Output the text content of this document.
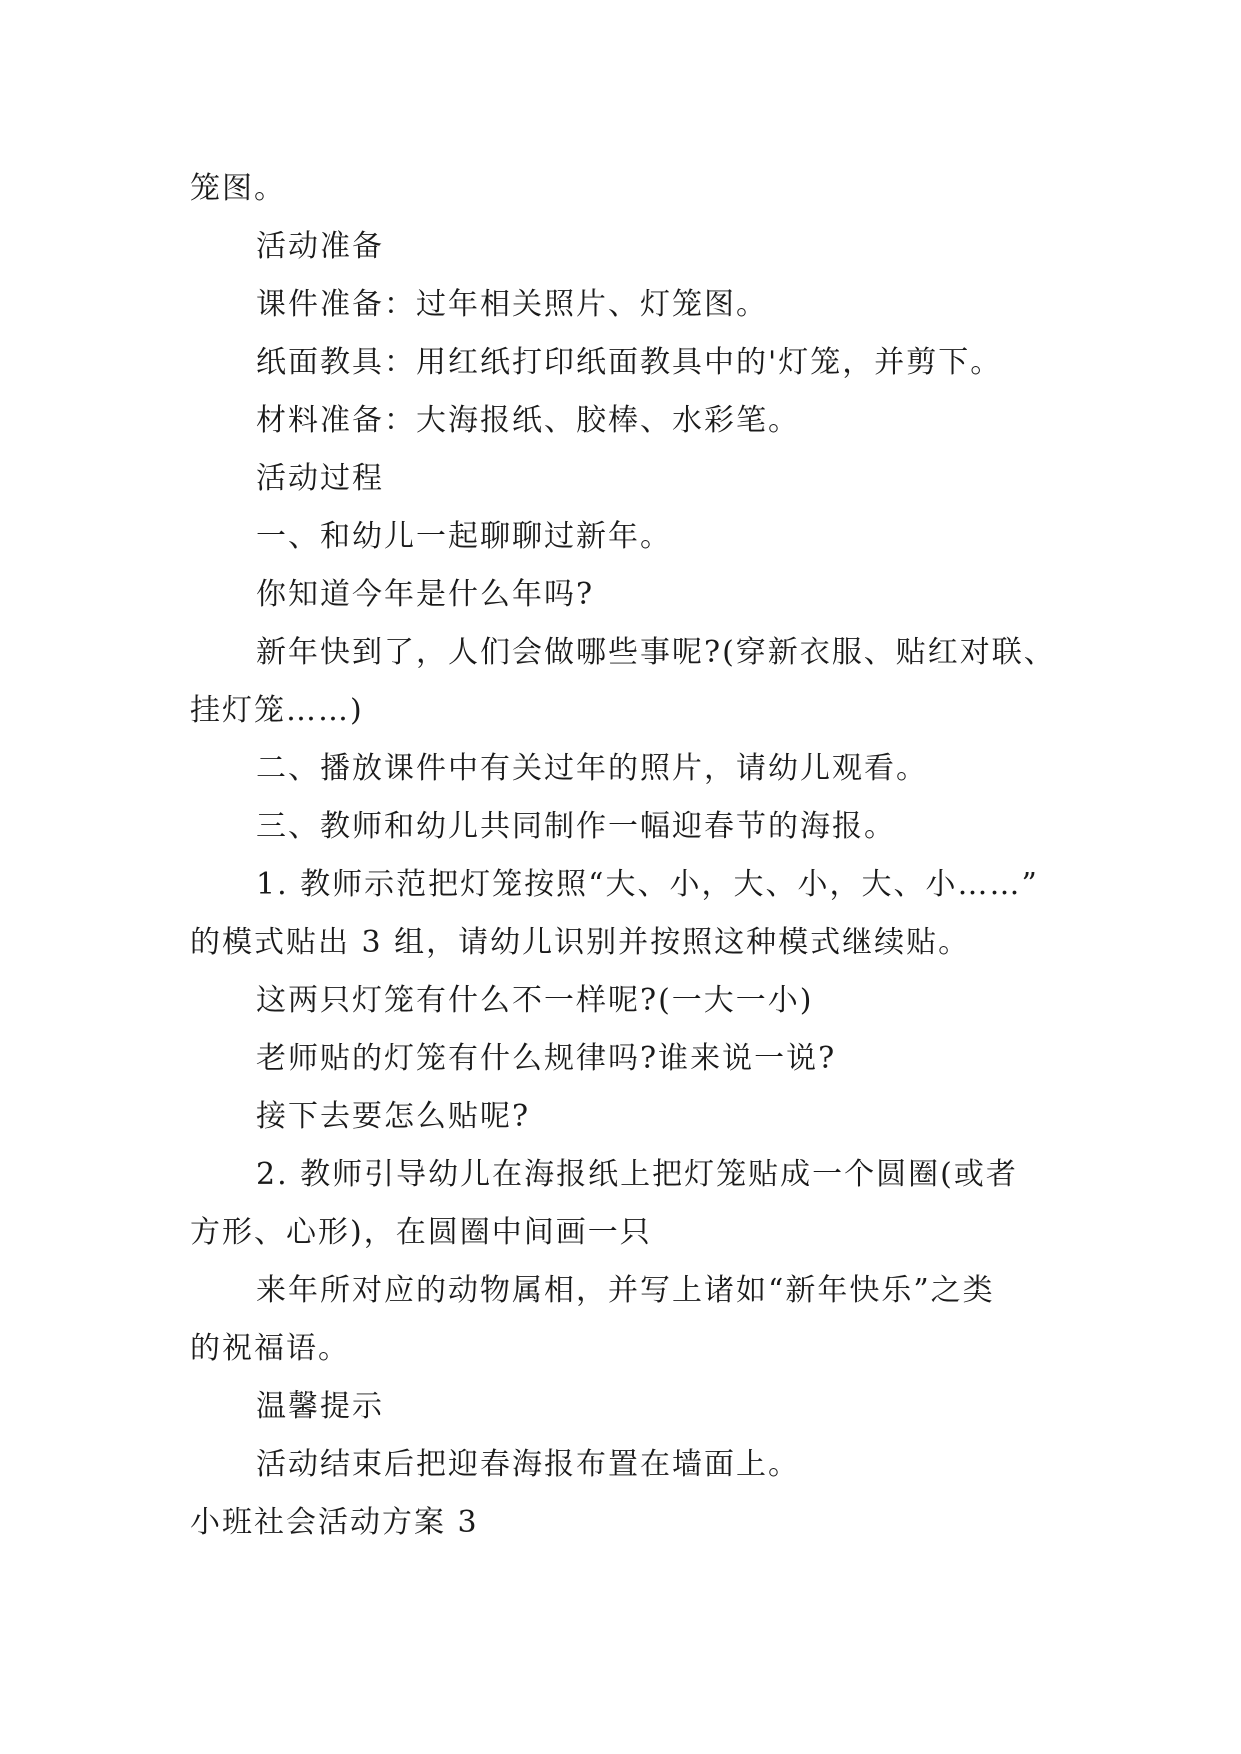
笼图。
活动准备
课件准备：过年相关照片、灯笼图。
纸面教具：用红纸打印纸面教具中的'灯笼，并剪下。
材料准备：大海报纸、胶棒、水彩笔。
活动过程
一、和幼儿一起聊聊过新年。
你知道今年是什么年吗?
新年快到了，人们会做哪些事呢?(穿新衣服、贴红对联、
挂灯笼……)
二、播放课件中有关过年的照片，请幼儿观看。
三、教师和幼儿共同制作一幅迎春节的海报。
1. 教师示范把灯笼按照“大、小，大、小，大、小……”
的模式贴出 3 组，请幼儿识别并按照这种模式继续贴。
这两只灯笼有什么不一样呢?(一大一小)
老师贴的灯笼有什么规律吗?谁来说一说?
接下去要怎么贴呢?
2. 教师引导幼儿在海报纸上把灯笼贴成一个圆圈(或者
方形、心形)，在圆圈中间画一只
来年所对应的动物属相，并写上诸如“新年快乐”之类
的祝福语。
温馨提示
活动结束后把迎春海报布置在墙面上。
小班社会活动方案 3
